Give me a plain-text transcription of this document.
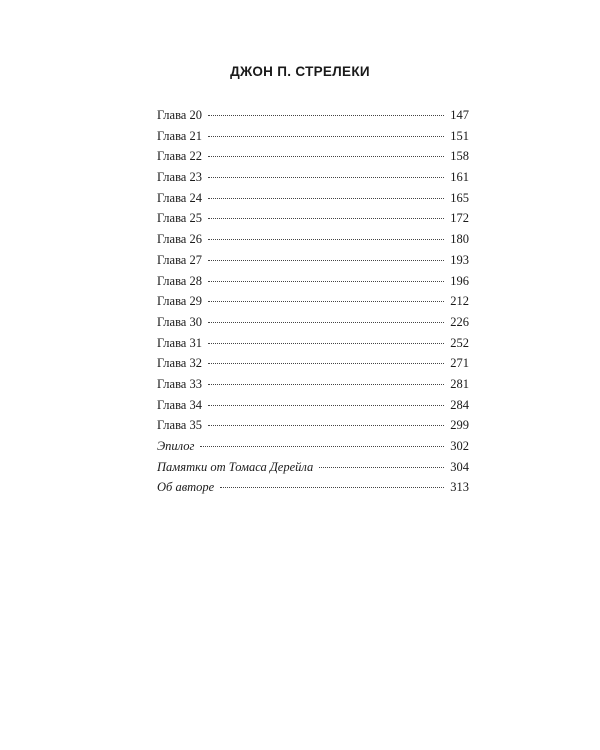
ДЖОН П. СТРЕЛЕКИ
Глава 20	147
Глава 21	151
Глава 22	158
Глава 23	161
Глава 24	165
Глава 25	172
Глава 26	180
Глава 27	193
Глава 28	196
Глава 29	212
Глава 30	226
Глава 31	252
Глава 32	271
Глава 33	281
Глава 34	284
Глава 35	299
Эпилог	302
Памятки от Томаса Дерейла	304
Об авторе	313
